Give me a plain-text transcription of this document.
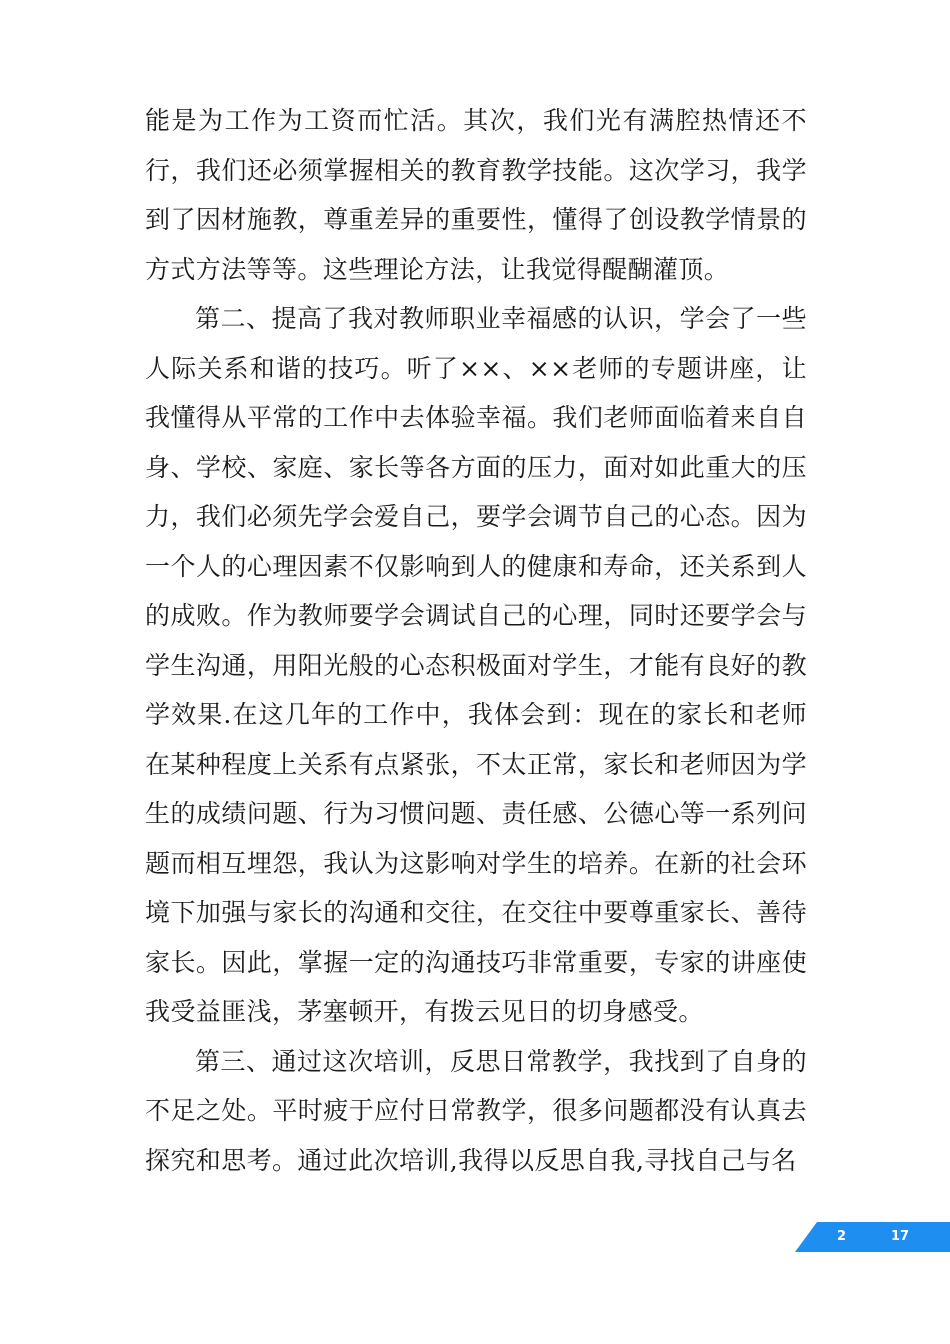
能是为工作为工资而忙活。其次，我们光有满腔热情还不行，我们还必须掌握相关的教育教学技能。这次学习，我学到了因材施教，尊重差异的重要性，懂得了创设教学情景的方式方法等等。这些理论方法，让我觉得醍醐灌顶。

第二、提高了我对教师职业幸福感的认识，学会了一些人际关系和谐的技巧。听了××、××老师的专题讲座，让我懂得从平常的工作中去体验幸福。我们老师面临着来自自身、学校、家庭、家长等各方面的压力，面对如此重大的压力，我们必须先学会爱自己，要学会调节自己的心态。因为一个人的心理因素不仅影响到人的健康和寿命，还关系到人的成败。作为教师要学会调试自己的心理，同时还要学会与学生沟通，用阳光般的心态积极面对学生，才能有良好的教学效果.在这几年的工作中，我体会到：现在的家长和老师在某种程度上关系有点紧张，不太正常，家长和老师因为学生的成绩问题、行为习惯问题、责任感、公德心等一系列问题而相互埋怨，我认为这影响对学生的培养。在新的社会环境下加强与家长的沟通和交往，在交往中要尊重家长、善待家长。因此，掌握一定的沟通技巧非常重要，专家的讲座使我受益匪浅，茅塞顿开，有拨云见日的切身感受。

第三、通过这次培训，反思日常教学，我找到了自身的不足之处。平时疲于应付日常教学，很多问题都没有认真去探究和思考。通过此次培训,我得以反思自我,寻找自己与名

2	17
